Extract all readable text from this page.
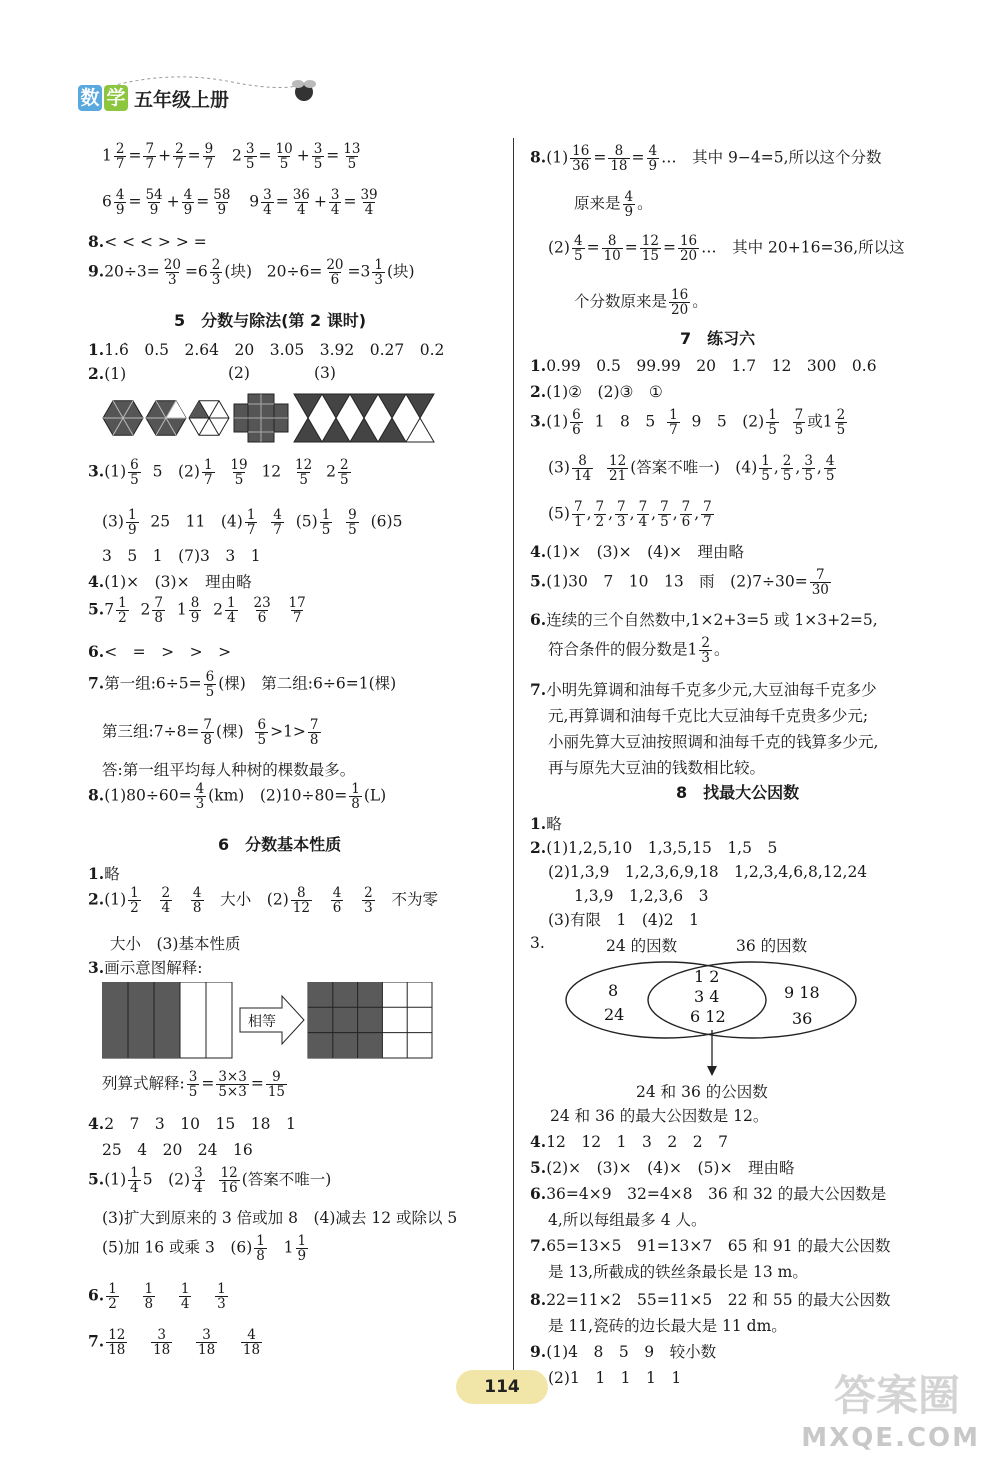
数 学 五年级上册
$1 \frac{2}{7} = \frac{7}{7} + \frac{2}{7} = \frac{9}{7} 2 \frac{3}{5} = \frac{10}{5} + \frac{3}{5} = \frac{13}{5}$
$6 \frac{4}{9} = \frac{54}{9} + \frac{4}{9} = \frac{58}{9} 9 \frac{3}{4} = \frac{36}{4} + \frac{3}{4} = \frac{39}{4}$
8.< < < > > =
$9.20\div 3= \frac{20}{3} =6 \frac{2}{3}$ (块) $20\div 6= \frac{20}{6} =3 \frac{1}{3}$ (块)
5　分数与除法(第 2 课时)
1.1.6̇　0.5　2.64　20　3.05　3.92　0.27　0.2
2.(1)	(2)	(3)
$3.(1) \frac{6}{5} 5$　$(2) \frac{1}{7}$
$\frac{19}{5} 12 \frac{12}{5} 2 \frac{2}{5}$
$(3) \frac{1}{9} 25$　11　$(4) \frac{1}{7}$
$\frac{4}{7} (5) \frac{1}{5}$
$\frac{9}{5} (6)5$
3　5　1　(7)3　3　1
4.(1)×　(3)×　理由略
$5.7 \frac{1}{2} 2 \frac{7}{8} 1 \frac{8}{9} 2 \frac{1}{4}$
$\frac{23}{6}$
$\frac{17}{7}$
6.<　=　>　>　>
7.第一组:6÷5= $\frac{6}{5}$ (棵)　第二组:6÷6=1(棵)
第三组:7÷8= $\frac{7}{8}$ (棵) $\frac{6}{5} >1> \frac{7}{8}$
答:第一组平均每人种树的棵数最多。
$8.(1)80\div 60= \frac{4}{3} (km)$　$(2)10\div 80= \frac{1}{8} (L)$
6　分数基本性质
1.略
$2.(1) \frac{1}{2}$
$\frac{2}{4}$
$\frac{4}{8}$ 大小　$(2) \frac{8}{12}$
$\frac{4}{6}$
$\frac{2}{3}$ 不为零
大小　(3)基本性质
3.画示意图解释:
相等
列算式解释: $\frac{3}{5} = \frac{3\times 3}{5\times 3} = \frac{9}{15}$
4.2　7　3　10　15　18　1
25　4　20　24　16
$5.(1) \frac{1}{4} 5$　$(2) \frac{3}{4}$
$\frac{12}{16}$ (答案不唯一)
(3)扩大到原来的 3 倍或加 8　(4)减去 12 或除以 5
(5)加 16 或乘 3　$(6) \frac{1}{8} 1 \frac{1}{9}$
6. $\frac{1}{2}$
$\frac{1}{8}$
$\frac{1}{4}$
$\frac{1}{3}$
7. $\frac{12}{18}$
$\frac{3}{18}$
$\frac{3}{18}$
$\frac{4}{18}$
$8.(1) \frac{16}{36} = \frac{8}{18} = \frac{4}{9}$ …　其中 9−4=5,所以这个分数
原来是 $\frac{4}{9}$ 。
$(2) \frac{4}{5} = \frac{8}{10} = \frac{12}{15} = \frac{16}{20}$ …　其中 20+16=36,所以这
个分数原来是 $\frac{16}{20}$ 。
7　练习六
1.0.99　0.5　99.99　20　1.7　12　300　0.6
2.(1)②　(2)③　①
$3.(1) \frac{6}{6} 1$　8　$5 \frac{1}{7} 9$　5　$(2) \frac{1}{5}$
$\frac{7}{5}$ 或$1 \frac{2}{5}$
$(3) \frac{8}{14}$
$\frac{12}{21}$ (答案不唯一)　$(4) \frac{1}{5}$ , $\frac{2}{5}$ , $\frac{3}{5}$ , $\frac{4}{5}$
$(5) \frac{7}{1}$ , $\frac{7}{2}$ , $\frac{7}{3}$ , $\frac{7}{4}$ , $\frac{7}{5}$ , $\frac{7}{6}$ , $\frac{7}{7}$
4.(1)×　(3)×　(4)×　理由略
5.(1)30　7　10　13　雨　$(2)7\div 30= \frac{7}{30}$
6.连续的三个自然数中,1×2+3=5 或 1×3+2=5,
符合条件的假分数是$1 \frac{2}{3}$ 。
7.小明先算调和油每千克多少元,大豆油每千克多少
元,再算调和油每千克比大豆油每千克贵多少元;
小丽先算大豆油按照调和油每千克的钱算多少元,
再与原先大豆油的钱数相比较。
8　找最大公因数
1.略
2.(1)1,2,5,10　1,3,5,15　1,5　5
(2)1,3,9　1,2,3,6,9,18　1,2,3,4,6,8,12,24
1,3,9　1,2,3,6　3
(3)有限　1　(4)2　1
3.	24 的因数	36 的因数
8
24
1 2
3 4
6 12
9 18
36
24 和 36 的公因数
24 和 36 的最大公因数是 12。
4.12　12　1　3　2　2　7
5.(2)×　(3)×　(4)×　(5)×　理由略
6.36=4×9　32=4×8　36 和 32 的最大公因数是
4,所以每组最多 4 人。
7.65=13×5　91=13×7　65 和 91 的最大公因数
是 13,所截成的铁丝条最长是 13 m。
8.22=11×2　55=11×5　22 和 55 的最大公因数
是 11,瓷砖的边长最大是 11 dm。
9.(1)4　8　5　9　较小数
(2)1　1　1　1　1
114	答案圈
MXQE.COM
